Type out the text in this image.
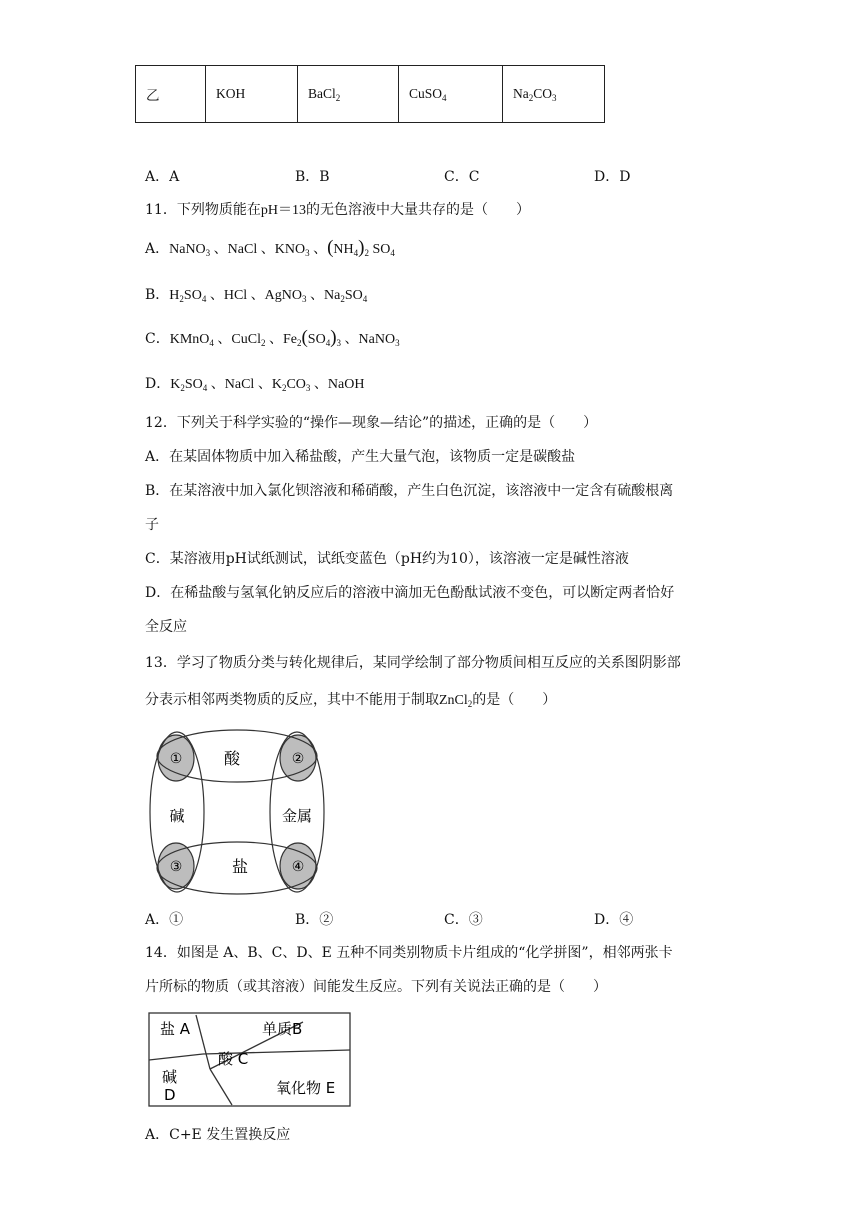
乙	KOH	BaCl$_2$	CuSO$_4$	$Na_2CO_3$
A．A	B．B	C．C	D．D
11．下列物质能在pH＝13的无色溶液中大量共存的是（　　）
A．NaNO$_3$ 、NaCl 、$KNO_3$ 、$(NH_4)_2$ $SO_4$
B．$H_2SO_4$ 、HCl 、AgNO$_3$ 、$Na_2SO_4$
C．KMnO$_4$ 、CuCl$_2$ 、$Fe_2(SO_4)_3$ 、NaNO$_3$
D．$K_2SO_4$ 、NaCl 、$K_2CO_3$ 、NaOH
12．下列关于科学实验的“操作—现象—结论”的描述，正确的是（　　）
A．在某固体物质中加入稀盐酸，产生大量气泡，该物质一定是碳酸盐
B．在某溶液中加入氯化钡溶液和稀硝酸，产生白色沉淀，该溶液中一定含有硫酸根离
子
C．某溶液用pH试纸测试，试纸变蓝色（pH约为10），该溶液一定是碱性溶液
D．在稀盐酸与氢氧化钠反应后的溶液中滴加无色酚酞试液不变色，可以断定两者恰好
全反应
13．学习了物质分类与转化规律后，某同学绘制了部分物质间相互反应的关系图阴影部
分表示相邻两类物质的反应，其中不能用于制取ZnCl$_2$的是（　　）
酸
碱	金属
盐
①	②
③	④
A．①	B．②	C．③	D．④
14．如图是 A、B、C、D、E 五种不同类别物质卡片组成的“化学拼图”，相邻两张卡
片所标的物质（或其溶液）间能发生反应。下列有关说法正确的是（　　）
盐 A	单质B
酸 C
碱
D	氧化物 E
A．C+E 发生置换反应
